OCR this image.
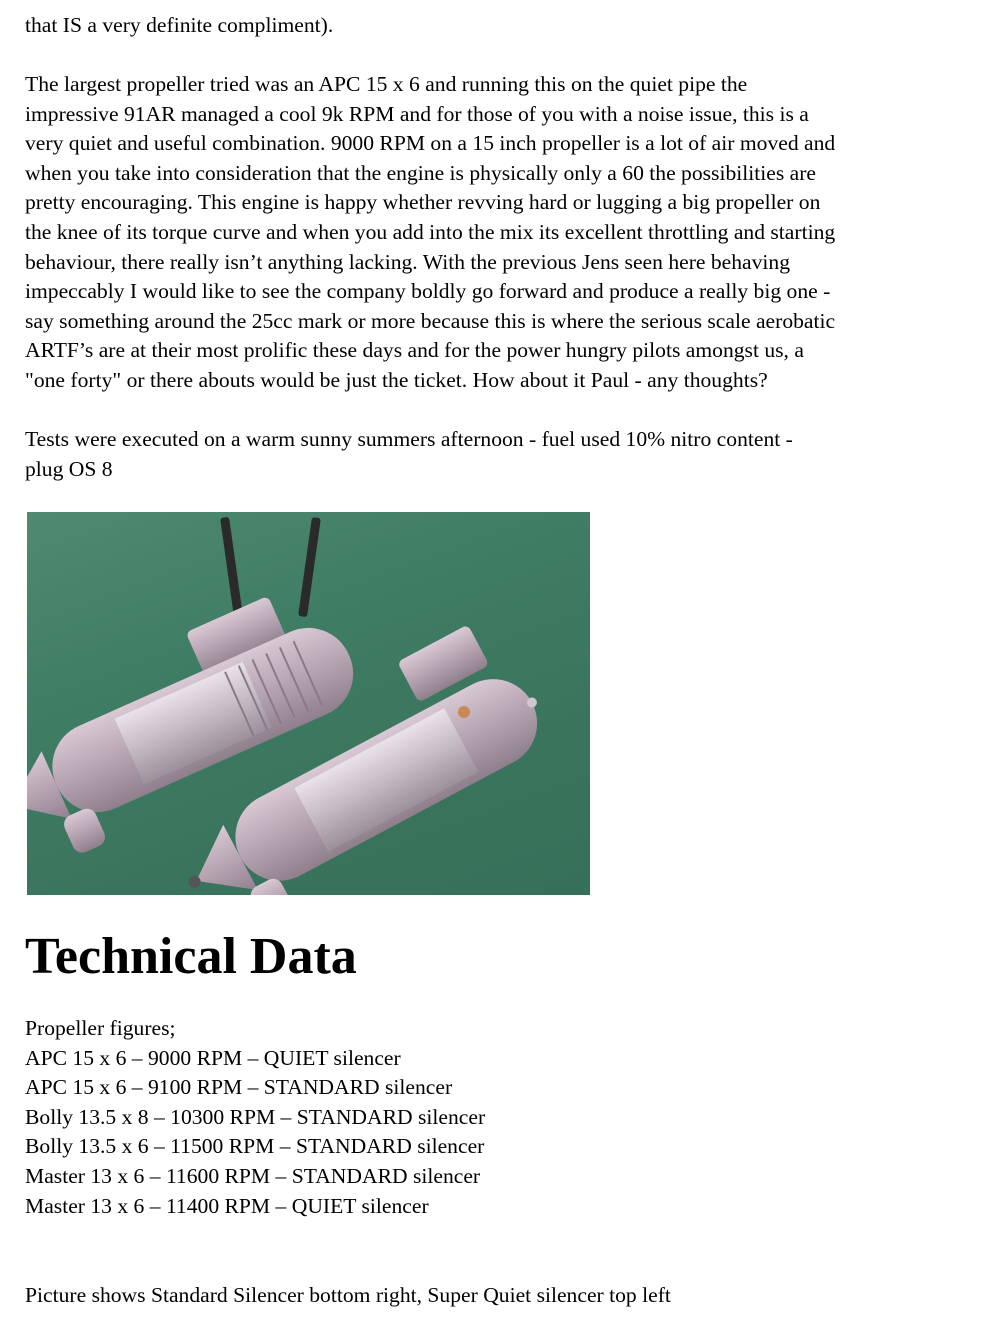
that IS a very definite compliment).

The largest propeller tried was an APC 15 x 6 and running this on the quiet pipe the
impressive 91AR managed a cool 9k RPM and for those of you with a noise issue, this is a
very quiet and useful combination. 9000 RPM on a 15 inch propeller is a lot of air moved and
when you take into consideration that the engine is physically only a 60 the possibilities are
pretty encouraging. This engine is happy whether revving hard or lugging a big propeller on
the knee of its torque curve and when you add into the mix its excellent throttling and starting
behaviour, there really isn’t anything lacking. With the previous Jens seen here behaving
impeccably I would like to see the company boldly go forward and produce a really big one -
say something around the 25cc mark or more because this is where the serious scale aerobatic
ARTF’s are at their most prolific these days and for the power hungry pilots amongst us, a
"one forty" or there abouts would be just the ticket. How about it Paul - any thoughts?

Tests were executed on a warm sunny summers afternoon - fuel used 10% nitro content -
plug OS 8

Technical Data
Propeller figures;
APC 15 x 6 – 9000 RPM – QUIET silencer
APC 15 x 6 – 9100 RPM – STANDARD silencer
Bolly 13.5 x 8 – 10300 RPM – STANDARD silencer
Bolly 13.5 x 6 – 11500 RPM – STANDARD silencer
Master 13 x 6 – 11600 RPM – STANDARD silencer
Master 13 x 6 – 11400 RPM – QUIET silencer

Picture shows Standard Silencer bottom right, Super Quiet silencer top left
